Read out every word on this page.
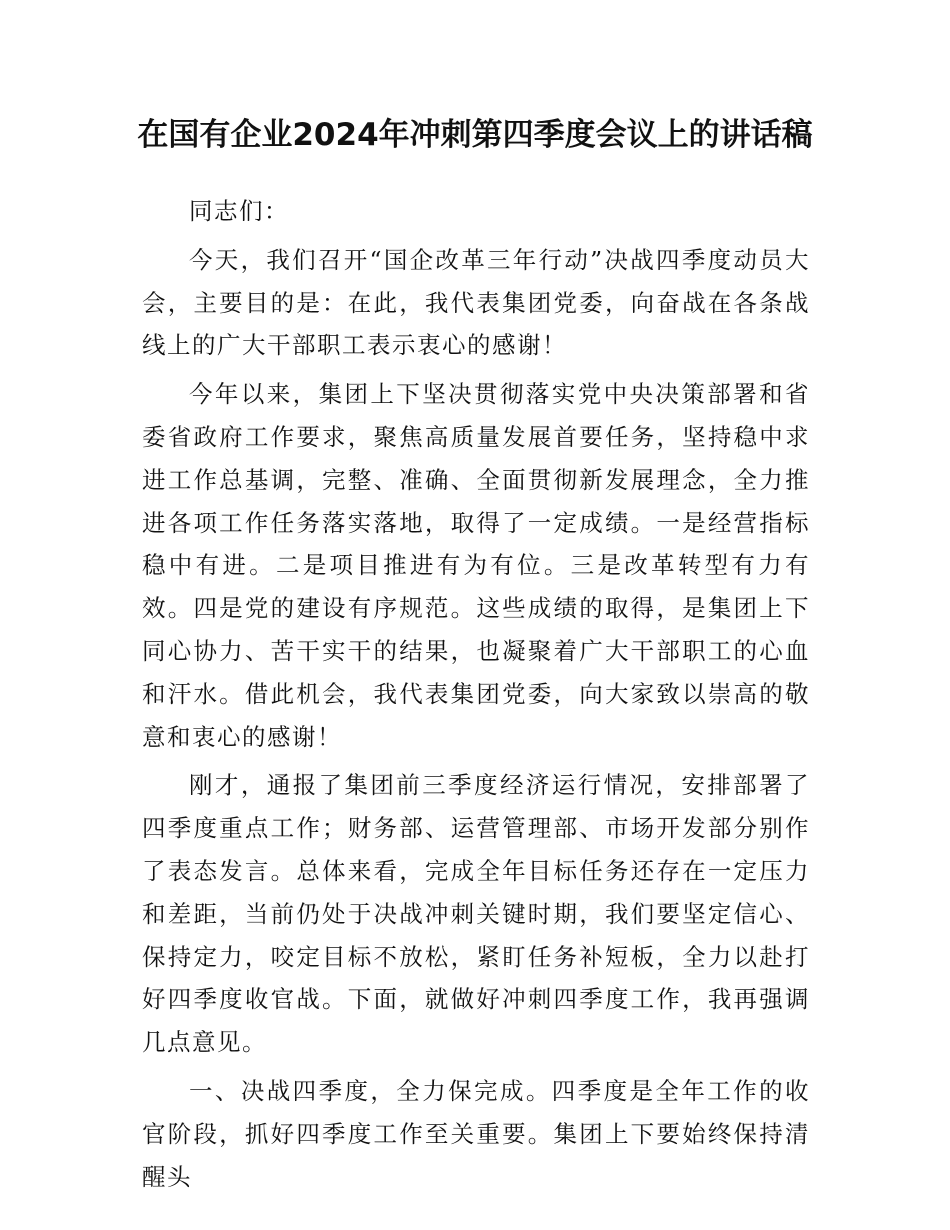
在国有企业2024年冲刺第四季度会议上的讲话稿

同志们：

今天，我们召开“国企改革三年行动”决战四季度动员大会，主要目的是：在此，我代表集团党委，向奋战在各条战线上的广大干部职工表示衷心的感谢！

今年以来，集团上下坚决贯彻落实党中央决策部署和省委省政府工作要求，聚焦高质量发展首要任务，坚持稳中求进工作总基调，完整、准确、全面贯彻新发展理念，全力推进各项工作任务落实落地，取得了一定成绩。一是经营指标稳中有进。二是项目推进有为有位。三是改革转型有力有效。四是党的建设有序规范。这些成绩的取得，是集团上下同心协力、苦干实干的结果，也凝聚着广大干部职工的心血和汗水。借此机会，我代表集团党委，向大家致以崇高的敬意和衷心的感谢！

刚才，通报了集团前三季度经济运行情况，安排部署了四季度重点工作；财务部、运营管理部、市场开发部分别作了表态发言。总体来看，完成全年目标任务还存在一定压力和差距，当前仍处于决战冲刺关键时期，我们要坚定信心、保持定力，咬定目标不放松，紧盯任务补短板，全力以赴打好四季度收官战。下面，就做好冲刺四季度工作，我再强调几点意见。

一、决战四季度，全力保完成。四季度是全年工作的收官阶段，抓好四季度工作至关重要。集团上下要始终保持清醒头
